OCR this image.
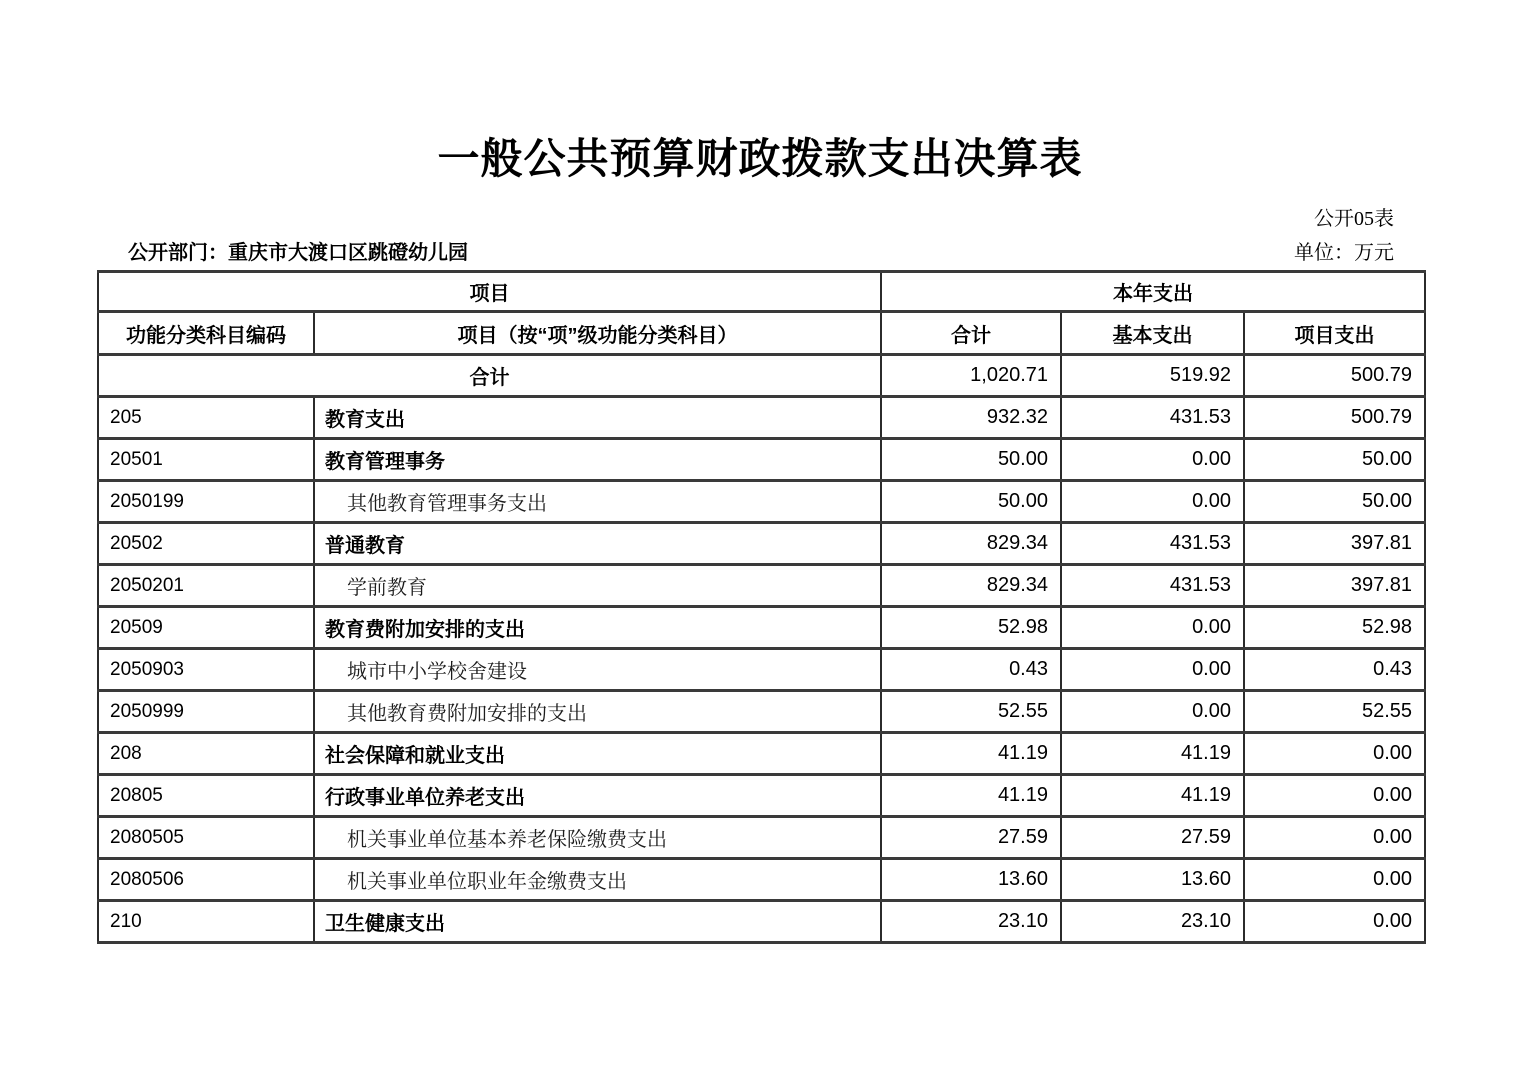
一般公共预算财政拨款支出决算表
公开05表
公开部门：重庆市大渡口区跳磴幼儿园	单位：万元
项目		本年支出		
功能分类科目编码	项目（按“项”级功能分类科目）	合计	基本支出	项目支出
合计		1,020.71	519.92	500.79
205	教育支出	932.32	431.53	500.79
20501	教育管理事务	50.00	0.00	50.00
2050199	其他教育管理事务支出	50.00	0.00	50.00
20502	普通教育	829.34	431.53	397.81
2050201	学前教育	829.34	431.53	397.81
20509	教育费附加安排的支出	52.98	0.00	52.98
2050903	城市中小学校舍建设	0.43	0.00	0.43
2050999	其他教育费附加安排的支出	52.55	0.00	52.55
208	社会保障和就业支出	41.19	41.19	0.00
20805	行政事业单位养老支出	41.19	41.19	0.00
2080505	机关事业单位基本养老保险缴费支出	27.59	27.59	0.00
2080506	机关事业单位职业年金缴费支出	13.60	13.60	0.00
210	卫生健康支出	23.10	23.10	0.00
